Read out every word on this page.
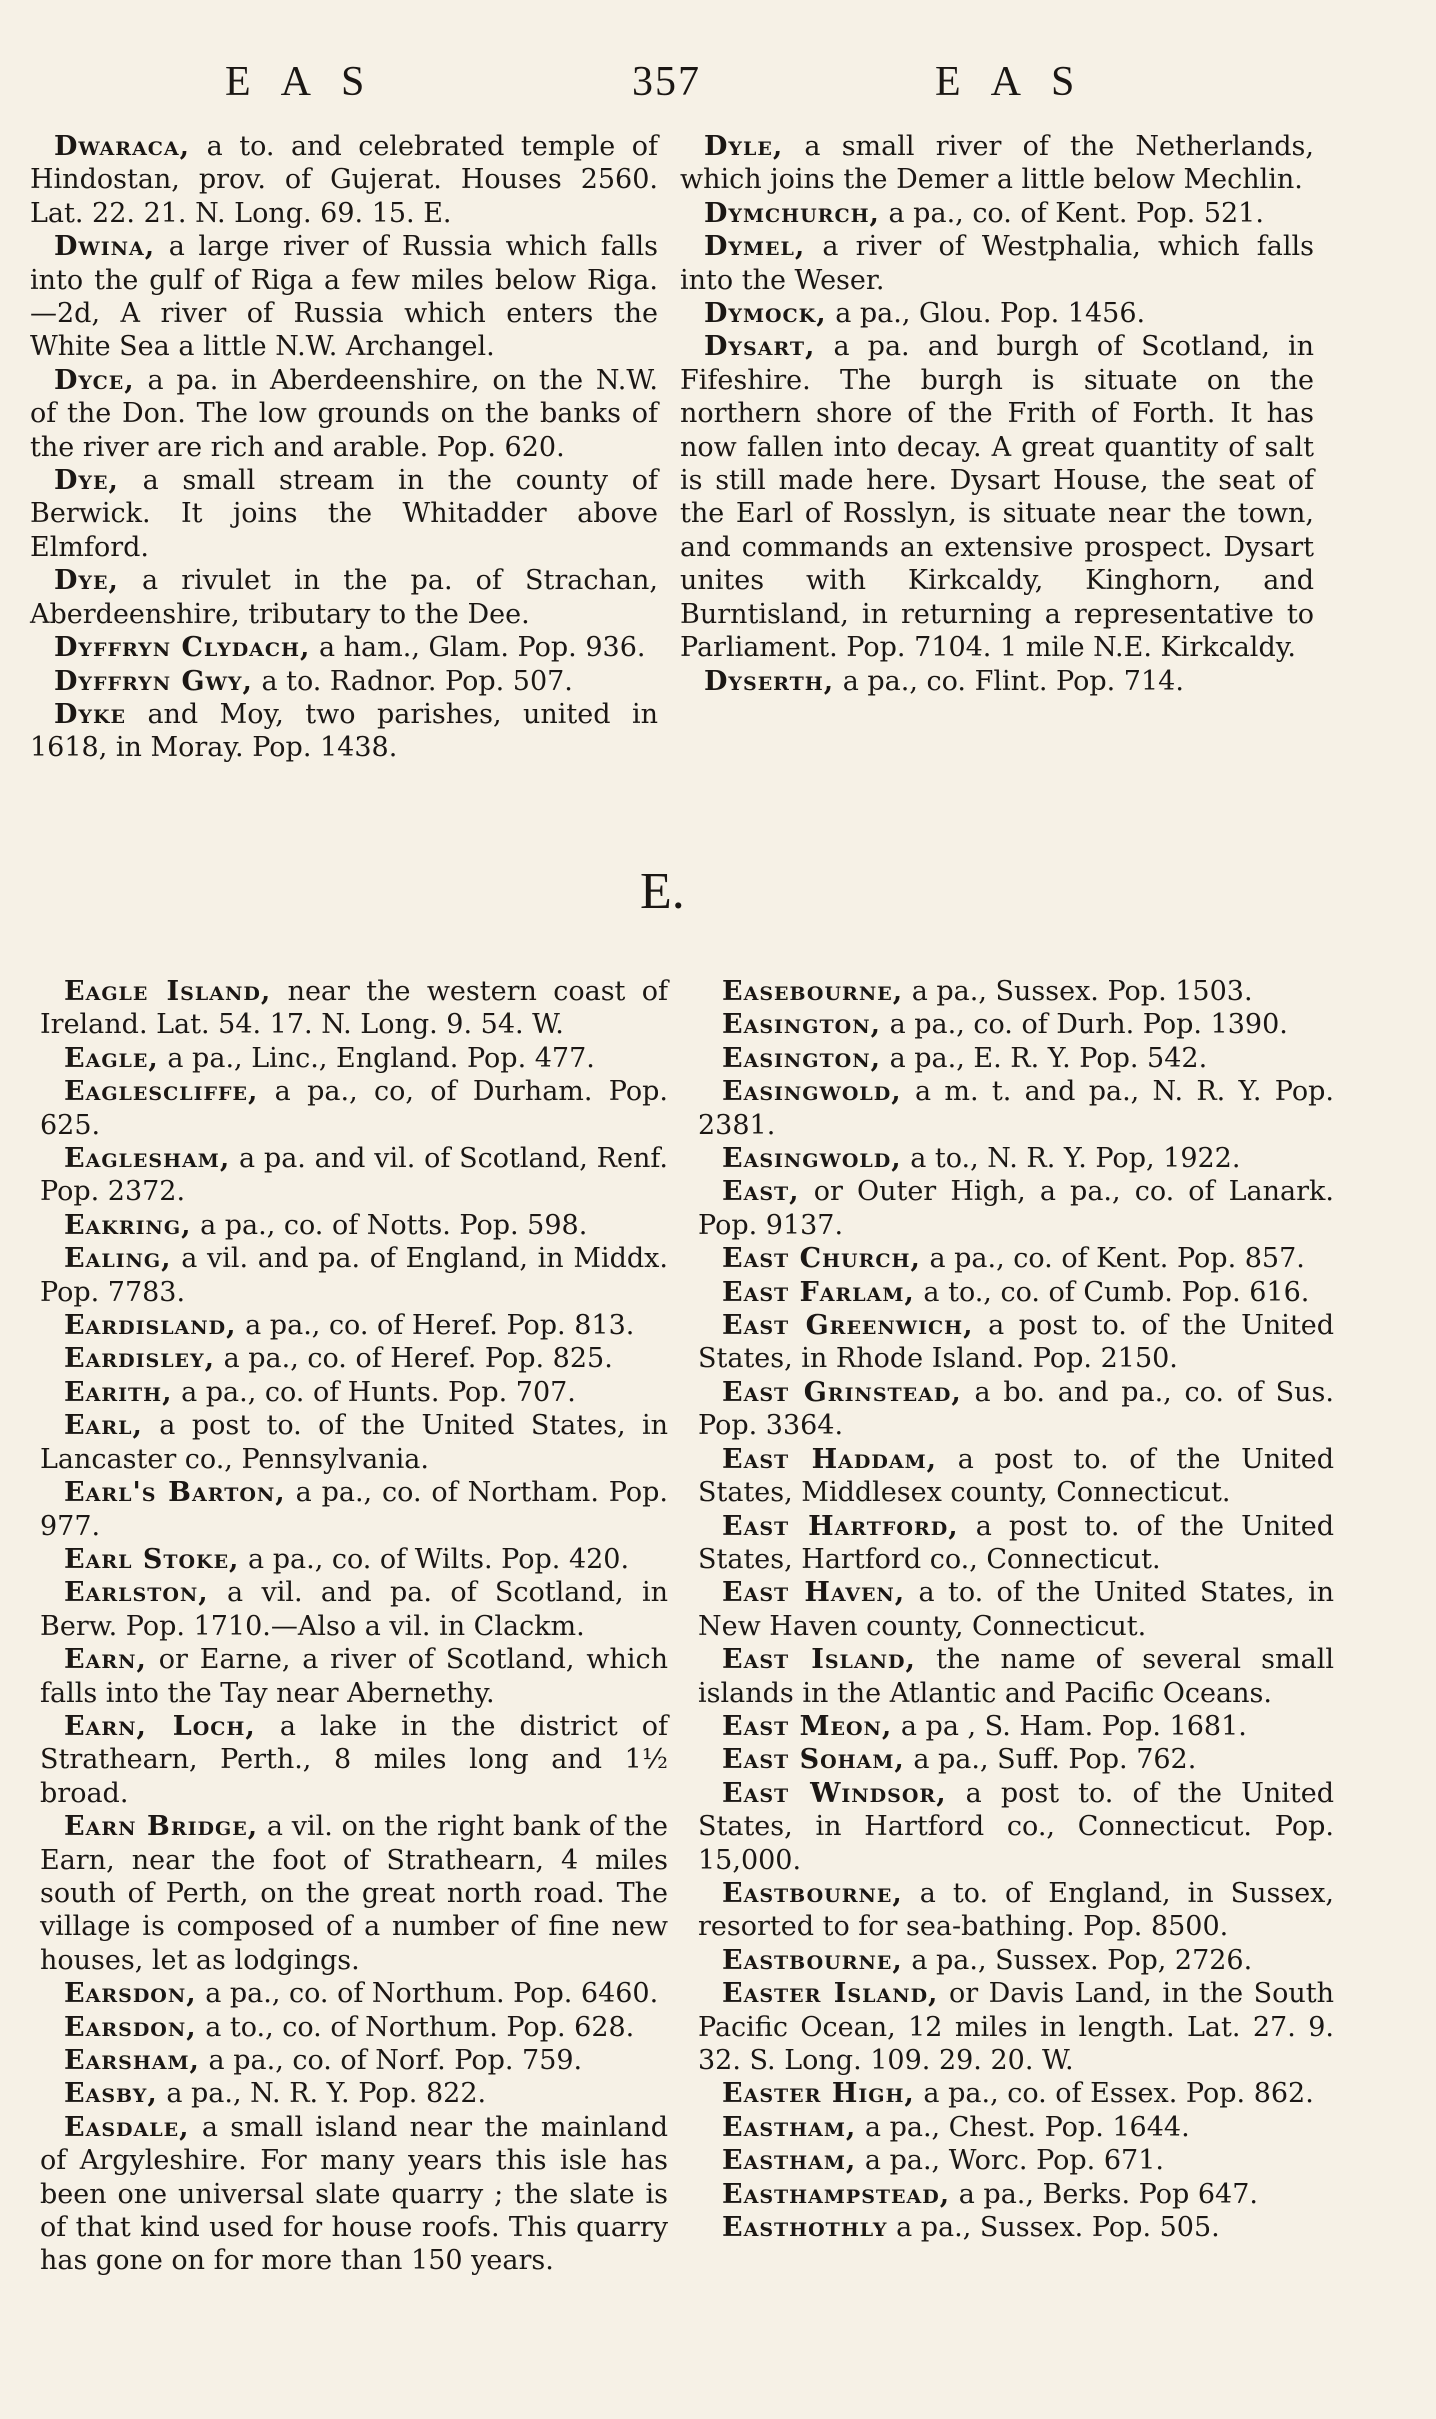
EAS	357	EAS

Dwaraca, a to. and celebrated temple of Hindostan, prov. of Gujerat. Houses 2560. Lat. 22. 21. N. Long. 69. 15. E.

Dwina, a large river of Russia which falls into the gulf of Riga a few miles below Riga. —2d, A river of Russia which enters the White Sea a little N.W. Archangel.

Dyce, a pa. in Aberdeenshire, on the N.W. of the Don. The low grounds on the banks of the river are rich and arable. Pop. 620.

Dye, a small stream in the county of Berwick. It joins the Whitadder above Elmford.

Dye, a rivulet in the pa. of Strachan, Aberdeenshire, tributary to the Dee.

Dyffryn Clydach, a ham., Glam. Pop. 936.

Dyffryn Gwy, a to. Radnor. Pop. 507.

Dyke and Moy, two parishes, united in 1618, in Moray. Pop. 1438.

Dyle, a small river of the Netherlands, which joins the Demer a little below Mechlin.

Dymchurch, a pa., co. of Kent. Pop. 521.

Dymel, a river of Westphalia, which falls into the Weser.

Dymock, a pa., Glou. Pop. 1456.

Dysart, a pa. and burgh of Scotland, in Fifeshire. The burgh is situate on the northern shore of the Frith of Forth. It has now fallen into decay. A great quantity of salt is still made here. Dysart House, the seat of the Earl of Rosslyn, is situate near the town, and commands an extensive prospect. Dysart unites with Kirkcaldy, Kinghorn, and Burntisland, in returning a representative to Parliament. Pop. 7104. 1 mile N.E. Kirkcaldy.

Dyserth, a pa., co. Flint. Pop. 714.

E.

Eagle Island, near the western coast of Ireland. Lat. 54. 17. N. Long. 9. 54. W.

Eagle, a pa., Linc., England. Pop. 477.

Eaglescliffe, a pa., co, of Durham. Pop. 625.

Eaglesham, a pa. and vil. of Scotland, Renf. Pop. 2372.

Eakring, a pa., co. of Notts. Pop. 598.

Ealing, a vil. and pa. of England, in Middx. Pop. 7783.

Eardisland, a pa., co. of Heref. Pop. 813.

Eardisley, a pa., co. of Heref. Pop. 825.

Earith, a pa., co. of Hunts. Pop. 707.

Earl, a post to. of the United States, in Lancaster co., Pennsylvania.

Earl's Barton, a pa., co. of Northam. Pop. 977.

Earl Stoke, a pa., co. of Wilts. Pop. 420.

Earlston, a vil. and pa. of Scotland, in Berw. Pop. 1710.—Also a vil. in Clackm.

Earn, or Earne, a river of Scotland, which falls into the Tay near Abernethy.

Earn, Loch, a lake in the district of Strathearn, Perth., 8 miles long and 1½ broad.

Earn Bridge, a vil. on the right bank of the Earn, near the foot of Strathearn, 4 miles south of Perth, on the great north road. The village is composed of a number of fine new houses, let as lodgings.

Earsdon, a pa., co. of Northum. Pop. 6460.

Earsdon, a to., co. of Northum. Pop. 628.

Earsham, a pa., co. of Norf. Pop. 759.

Easby, a pa., N. R. Y. Pop. 822.

Easdale, a small island near the mainland of Argyleshire. For many years this isle has been one universal slate quarry ; the slate is of that kind used for house roofs. This quarry has gone on for more than 150 years.

Easebourne, a pa., Sussex. Pop. 1503.

Easington, a pa., co. of Durh. Pop. 1390.

Easington, a pa., E. R. Y. Pop. 542.

Easingwold, a m. t. and pa., N. R. Y. Pop. 2381.

Easingwold, a to., N. R. Y. Pop, 1922.

East, or Outer High, a pa., co. of Lanark. Pop. 9137.

East Church, a pa., co. of Kent. Pop. 857.

East Farlam, a to., co. of Cumb. Pop. 616.

East Greenwich, a post to. of the United States, in Rhode Island. Pop. 2150.

East Grinstead, a bo. and pa., co. of Sus. Pop. 3364.

East Haddam, a post to. of the United States, Middlesex county, Connecticut.

East Hartford, a post to. of the United States, Hartford co., Connecticut.

East Haven, a to. of the United States, in New Haven county, Connecticut.

East Island, the name of several small islands in the Atlantic and Pacific Oceans.

East Meon, a pa , S. Ham. Pop. 1681.

East Soham, a pa., Suff. Pop. 762.

East Windsor, a post to. of the United States, in Hartford co., Connecticut. Pop. 15,000.

Eastbourne, a to. of England, in Sussex, resorted to for sea-bathing. Pop. 8500.

Eastbourne, a pa., Sussex. Pop, 2726.

Easter Island, or Davis Land, in the South Pacific Ocean, 12 miles in length. Lat. 27. 9. 32. S. Long. 109. 29. 20. W.

Easter High, a pa., co. of Essex. Pop. 862.

Eastham, a pa., Chest. Pop. 1644.

Eastham, a pa., Worc. Pop. 671.

Easthampstead, a pa., Berks. Pop 647.

Easthothly a pa., Sussex. Pop. 505.
